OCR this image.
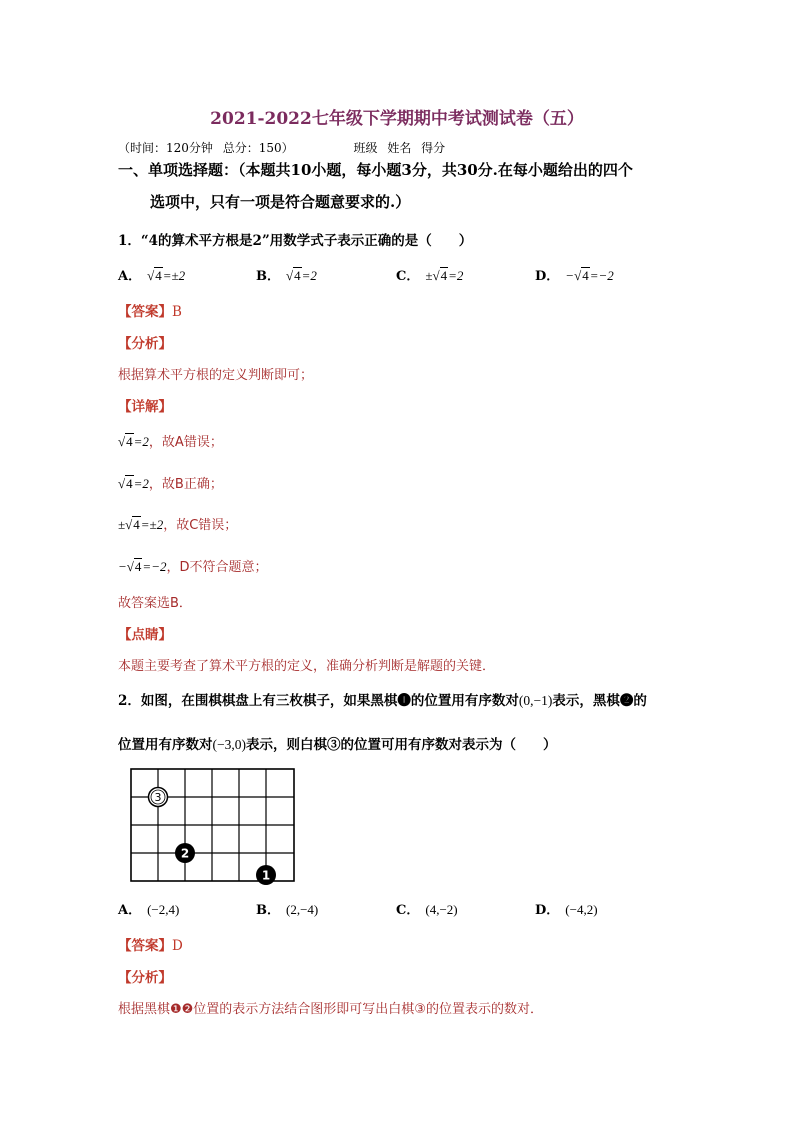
2021-2022七年级下学期期中考试测试卷（五）
（时间：120分钟 总分：150）	班级 姓名 得分
一、单项选择题：（本题共10小题，每小题3分，共30分.在每小题给出的四个
选项中，只有一项是符合题意要求的.）
1．“4的算术平方根是2”用数学式子表示正确的是（　　）
A． √4=±2	B． √4=2	C． ±√4=2	D． −√4=−2
【答案】B
【分析】
根据算术平方根的定义判断即可；
【详解】
√4=2，故A错误；
√4=2，故B正确；
±√4=±2，故C错误；
−√4=−2，D不符合题意；
故答案选B．
【点睛】
本题主要考查了算术平方根的定义，准确分析判断是解题的关键．
2．如图，在围棋棋盘上有三枚棋子，如果黑棋❶的位置用有序数对(0,−1)表示，黑棋❷的
位置用有序数对(−3,0)表示，则白棋③的位置可用有序数对表示为（　　）
3
2
1
A． (−2,4)	B． (2,−4)	C． (4,−2)	D． (−4,2)
【答案】D
【分析】
根据黑棋❶❷位置的表示方法结合图形即可写出白棋③的位置表示的数对．
